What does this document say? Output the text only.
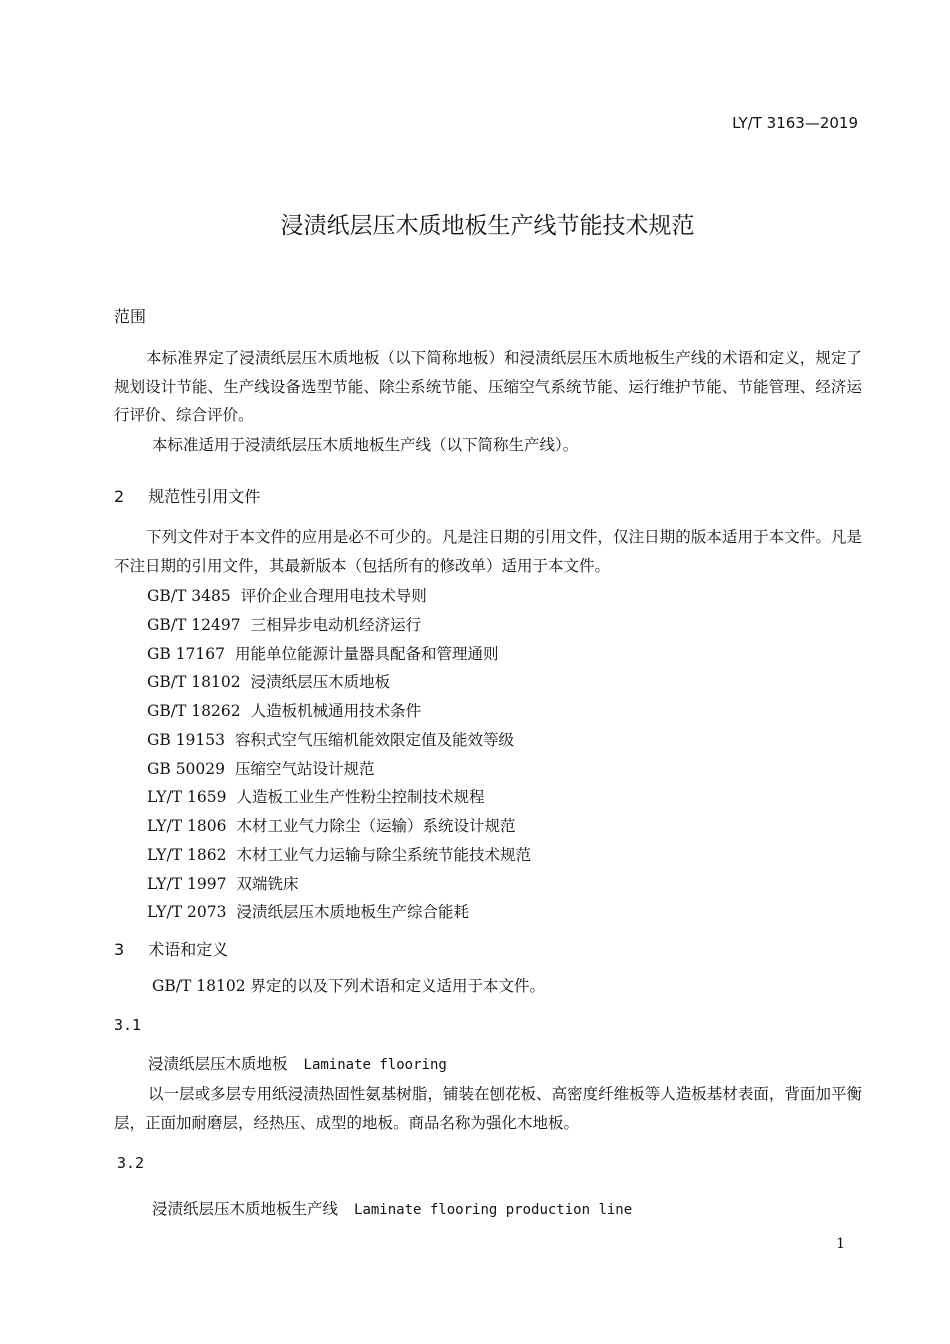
LY/T 3163—2019
浸渍纸层压木质地板生产线节能技术规范
范围
本标准界定了浸渍纸层压木质地板（以下简称地板）和浸渍纸层压木质地板生产线的术语和定义，规定了规划设计节能、生产线设备选型节能、除尘系统节能、压缩空气系统节能、运行维护节能、节能管理、经济运行评价、综合评价。
本标准适用于浸渍纸层压木质地板生产线（以下简称生产线）。
2 规范性引用文件
下列文件对于本文件的应用是必不可少的。凡是注日期的引用文件，仅注日期的版本适用于本文件。凡是不注日期的引用文件，其最新版本（包括所有的修改单）适用于本文件。
GB/T 3485 评价企业合理用电技术导则
GB/T 12497 三相异步电动机经济运行
GB 17167 用能单位能源计量器具配备和管理通则
GB/T 18102 浸渍纸层压木质地板
GB/T 18262 人造板机械通用技术条件
GB 19153 容积式空气压缩机能效限定值及能效等级
GB 50029 压缩空气站设计规范
LY/T 1659 人造板工业生产性粉尘控制技术规程
LY/T 1806 木材工业气力除尘（运输）系统设计规范
LY/T 1862 木材工业气力运输与除尘系统节能技术规范
LY/T 1997 双端铣床
LY/T 2073 浸渍纸层压木质地板生产综合能耗
3 术语和定义
GB/T 18102 界定的以及下列术语和定义适用于本文件。
3.1
浸渍纸层压木质地板 Laminate flooring
以一层或多层专用纸浸渍热固性氨基树脂，铺装在刨花板、高密度纤维板等人造板基材表面，背面加平衡层，正面加耐磨层，经热压、成型的地板。商品名称为强化木地板。
3.2
浸渍纸层压木质地板生产线 Laminate flooring production line
1
